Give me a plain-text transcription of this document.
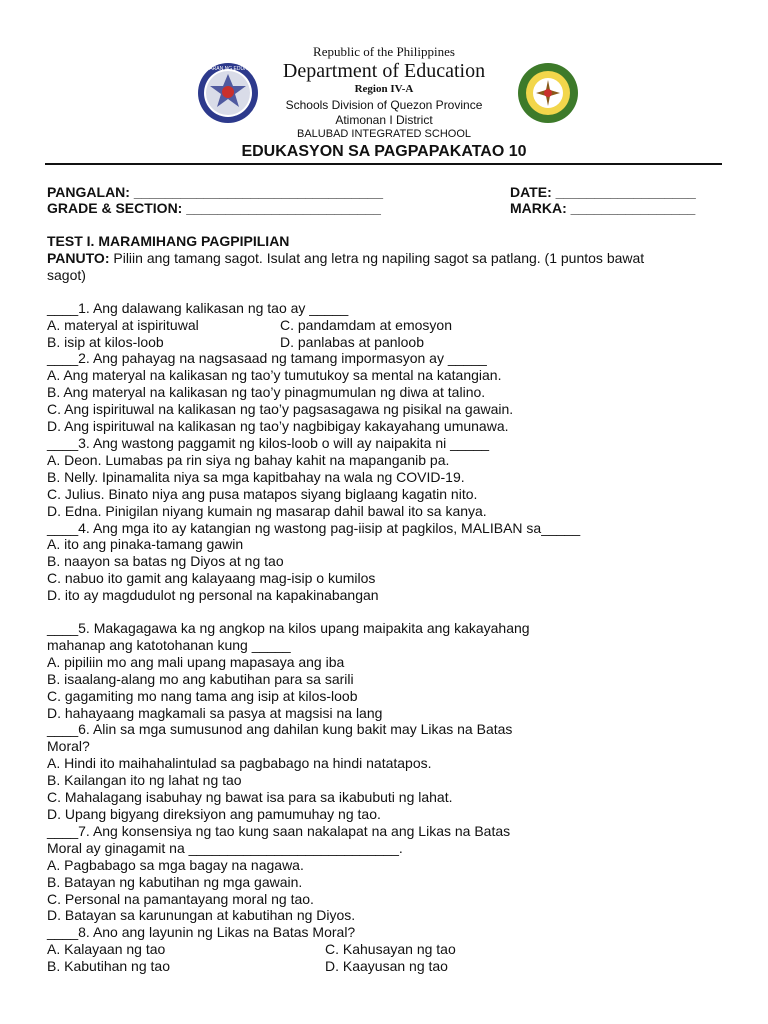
KAGAWARAN NG EDUKASYON
Republic of the Philippines
Department of Education
Region IV-A
Schools Division of Quezon Province
Atimonan I District
BALUBAD INTEGRATED SCHOOL
EDUKASYON SA PAGPAPAKATAO 10
PANGALAN: ________________________________	DATE: __________________
GRADE & SECTION: _________________________	MARKA: ________________
TEST I. MARAMIHANG PAGPIPILIAN
PANUTO: Piliin ang tamang sagot. Isulat ang letra ng napiling sagot sa patlang. (1 puntos bawat
sagot)
____1. Ang dalawang kalikasan ng tao ay _____
A. materyal at ispirituwal	C. pandamdam at emosyon
B. isip at kilos-loob	D. panlabas at panloob
____2. Ang pahayag na nagsasaad ng tamang impormasyon ay _____
A. Ang materyal na kalikasan ng tao’y tumutukoy sa mental na katangian.
B. Ang materyal na kalikasan ng tao’y pinagmumulan ng diwa at talino.
C. Ang ispirituwal na kalikasan ng tao’y pagsasagawa ng pisikal na gawain.
D. Ang ispirituwal na kalikasan ng tao’y nagbibigay kakayahang umunawa.
____3. Ang wastong paggamit ng kilos-loob o will ay naipakita ni _____
A. Deon. Lumabas pa rin siya ng bahay kahit na mapanganib pa.
B. Nelly. Ipinamalita niya sa mga kapitbahay na wala ng COVID-19.
C. Julius. Binato niya ang pusa matapos siyang biglaang kagatin nito.
D. Edna. Pinigilan niyang kumain ng masarap dahil bawal ito sa kanya.
____4. Ang mga ito ay katangian ng wastong pag-iisip at pagkilos, MALIBAN sa_____
A. ito ang pinaka-tamang gawin
B. naayon sa batas ng Diyos at ng tao
C. nabuo ito gamit ang kalayaang mag-isip o kumilos
D. ito ay magdudulot ng personal na kapakinabangan
____5. Makagagawa ka ng angkop na kilos upang maipakita ang kakayahang
mahanap ang katotohanan kung _____
A. pipiliin mo ang mali upang mapasaya ang iba
B. isaalang-alang mo ang kabutihan para sa sarili
C. gagamiting mo nang tama ang isip at kilos-loob
D. hahayaang magkamali sa pasya at magsisi na lang
____6. Alin sa mga sumusunod ang dahilan kung bakit may Likas na Batas
Moral?
A. Hindi ito maihahalintulad sa pagbabago na hindi natatapos.
B. Kailangan ito ng lahat ng tao
C. Mahalagang isabuhay ng bawat isa para sa ikabubuti ng lahat.
D. Upang bigyang direksiyon ang pamumuhay ng tao.
____7. Ang konsensiya ng tao kung saan nakalapat na ang Likas na Batas
Moral ay ginagamit na ___________________________.
A. Pagbabago sa mga bagay na nagawa.
B. Batayan ng kabutihan ng mga gawain.
C. Personal na pamantayang moral ng tao.
D. Batayan sa karunungan at kabutihan ng Diyos.
____8. Ano ang layunin ng Likas na Batas Moral?
A. Kalayaan ng tao	C. Kahusayan ng tao
B. Kabutihan ng tao	D. Kaayusan ng tao
